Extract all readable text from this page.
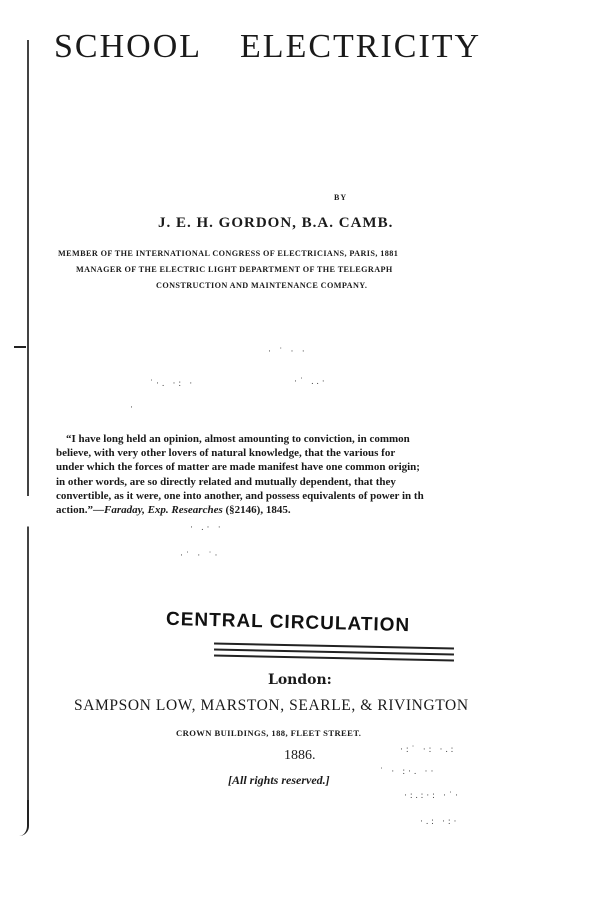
SCHOOL ELECTRICITY
BY
J. E. H. GORDON, B.A. CAMB.
MEMBER OF THE INTERNATIONAL CONGRESS OF ELECTRICIANS, PARIS, 1881
MANAGER OF THE ELECTRIC LIGHT DEPARTMENT OF THE TELEGRAPH
CONSTRUCTION AND MAINTENANCE COMPANY.
· ˙ · ·
˙·. ·: ·	·˙ ..·
·
· .· ·
·˙ · ˙·
“I have long held an opinion, almost amounting to conviction, in common
believe, with very other lovers of natural knowledge, that the various for
under which the forces of matter are made manifest have one common origin;
in other words, are so directly related and mutually dependent, that they
convertible, as it were, one into another, and possess equivalents of power in th
action.”—Faraday, Exp. Researches (§2146), 1845.
CENTRAL CIRCULATION
London:
SAMPSON LOW, MARSTON, SEARLE, & RIVINGTON
CROWN BUILDINGS, 188, FLEET STREET.
1886.
[All rights reserved.]
·:˙ ·: ·.:
˙ · :·. ··
·:.:·: ·˙·
·.: ·:·
